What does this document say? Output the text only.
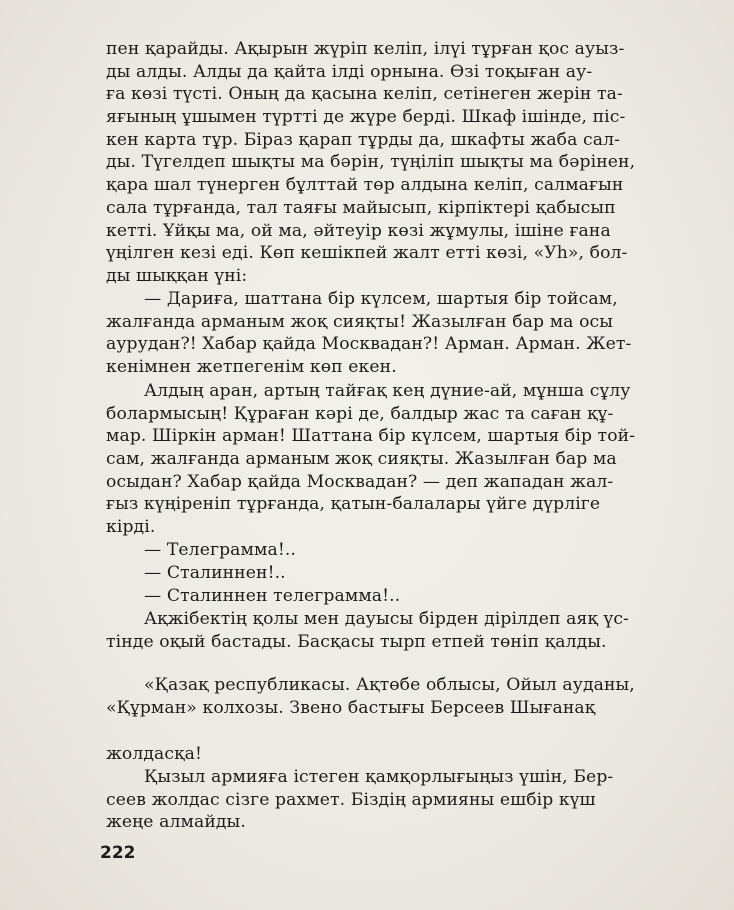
пен қарайды. Ақырын жүріп келіп, ілүі тұрған қос ауыз-
ды алды. Алды да қайта ілді орнына. Өзі тоқыған ау-
ға көзі түсті. Оның да қасына келіп, сетінеген жерін та-
яғының ұшымен түртті де жүре берді. Шкаф ішінде, піс-
кен карта тұр. Біраз қарап тұрды да, шкафты жаба сал-
ды. Түгелдеп шықты ма бәрін, түңіліп шықты ма бәрінен,
қара шал түнерген бұлттай төр алдына келіп, салмағын
сала тұрғанда, тал таяғы майысып, кірпіктері қабысып
кетті. Ұйқы ма, ой ма, әйтеуір көзі жұмулы, ішіне ғана
үңілген кезі еді. Көп кешікпей жалт етті көзі, «Уһ», бол-
ды шыққан үні:
— Дариға, шаттана бір күлсем, шартыя бір тойсам,
жалғанда арманым жоқ сияқты! Жазылған бар ма осы
аурудан?! Хабар қайда Москвадан?! Арман. Арман. Жет-
кенімнен жетпегенім көп екен.
Алдың аран, артың тайғақ кең дүние-ай, мұнша сұлу
болармысың! Құраған кәрі де, балдыр жас та саған құ-
мар. Шіркін арман! Шаттана бір күлсем, шартыя бір той-
сам, жалғанда арманым жоқ сияқты. Жазылған бар ма
осыдан? Хабар қайда Москвадан? — деп жападан жал-
ғыз күңіреніп тұрғанда, қатын-балалары үйге дүрліге
кірді.
— Телеграмма!..
— Сталиннен!..
— Сталиннен телеграмма!..
Ақжібектің қолы мен дауысы бірден дірілдеп аяқ үс-
тінде оқый бастады. Басқасы тырп етпей төніп қалды.
«Қазақ республикасы. Ақтөбе облысы, Ойыл ауданы,
«Құрман» колхозы. Звено бастығы Берсеев Шығанақ
жолдасқа!
Қызыл армияға істеген қамқорлығыңыз үшін, Бер-
сеев жолдас сізге рахмет. Біздің армияны ешбір күш
жеңе алмайды.
222
